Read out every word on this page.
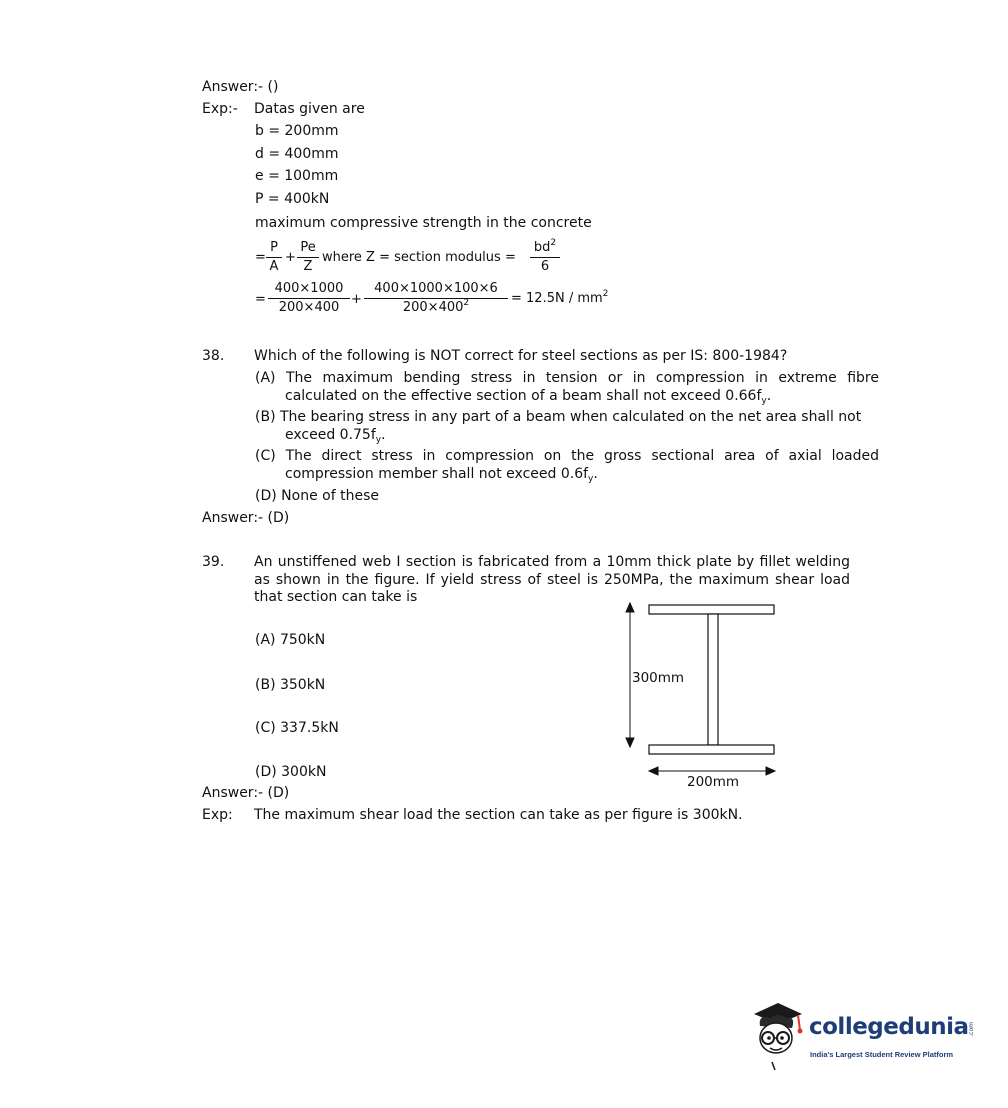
Answer:- ()
Exp:- Datas given are
b = 200mm
d = 400mm
e = 100mm
P = 400kN
maximum compressive strength in the concrete
=
P
A
+
Pe
Z
where Z = section modulus =
$bd^2$
6
=
400×1000
200×400
+
400×1000×100×6
$200\times 400^2$	= $12.5N / mm^2$
38. Which of the following is NOT correct for steel sections as per IS: 800-1984?
(A) The maximum bending stress in tension or in compression in extreme fibre calculated on the effective section of a beam shall not exceed $0.66f_y$.
(B) The bearing stress in any part of a beam when calculated on the net area shall not exceed $0.75f_y$.
(C) The direct stress in compression on the gross sectional area of axial loaded compression member shall not exceed $0.6f_y$.
(D) None of these
Answer:- (D)
39. An unstiffened web I section is fabricated from a 10mm thick plate by fillet welding as shown in the figure. If yield stress of steel is 250MPa, the maximum shear load that section can take is
(A) 750kN
(B) 350kN
(C) 337.5kN
(D) 300kN
300mm
200mm
Answer:- (D)
Exp: The maximum shear load the section can take as per figure is 300kN.
collegedunia .com
India's Largest Student Review Platform
